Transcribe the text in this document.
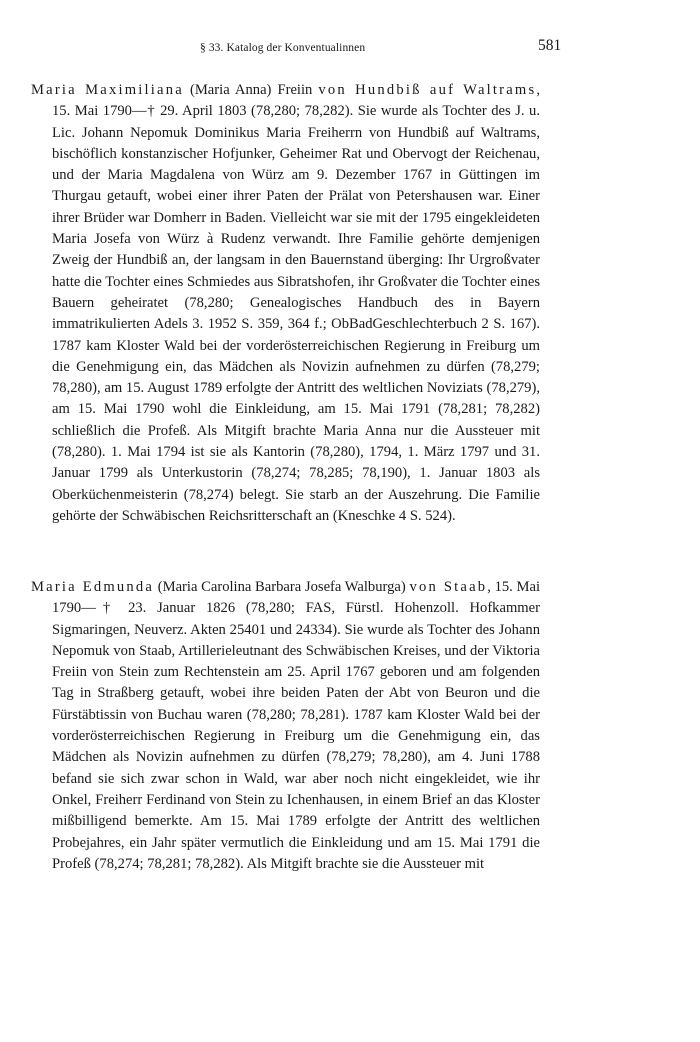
§ 33. Katalog der Konventualinnen	581

Maria Maximiliana (Maria Anna) Freiin von Hundbiß auf Waltrams, 15. Mai 1790—† 29. April 1803 (78,280; 78,282). Sie wurde als Tochter des J. u. Lic. Johann Nepomuk Dominikus Maria Freiherrn von Hundbiß auf Waltrams, bischöflich konstanzischer Hofjunker, Geheimer Rat und Obervogt der Reichenau, und der Maria Magdalena von Würz am 9. Dezember 1767 in Güttingen im Thurgau getauft, wobei einer ihrer Paten der Prälat von Petershausen war. Einer ihrer Brüder war Domherr in Baden. Vielleicht war sie mit der 1795 eingekleideten Maria Josefa von Würz à Rudenz verwandt. Ihre Familie gehörte demjenigen Zweig der Hundbiß an, der langsam in den Bauernstand überging: Ihr Urgroßvater hatte die Tochter eines Schmiedes aus Sibratshofen, ihr Großvater die Tochter eines Bauern geheiratet (78,280; Genealogisches Handbuch des in Bayern immatrikulierten Adels 3. 1952 S. 359, 364 f.; ObBadGeschlechterbuch 2 S. 167). 1787 kam Kloster Wald bei der vorderösterreichischen Regierung in Freiburg um die Genehmigung ein, das Mädchen als Novizin aufnehmen zu dürfen (78,279; 78,280), am 15. August 1789 erfolgte der Antritt des weltlichen Noviziats (78,279), am 15. Mai 1790 wohl die Einkleidung, am 15. Mai 1791 (78,281; 78,282) schließlich die Profeß. Als Mitgift brachte Maria Anna nur die Aussteuer mit (78,280). 1. Mai 1794 ist sie als Kantorin (78,280), 1794, 1. März 1797 und 31. Januar 1799 als Unterkustorin (78,274; 78,285; 78,190), 1. Januar 1803 als Oberküchenmeisterin (78,274) belegt. Sie starb an der Auszehrung. Die Familie gehörte der Schwäbischen Reichsritterschaft an (Kneschke 4 S. 524).

Maria Edmunda (Maria Carolina Barbara Josefa Walburga) von Staab, 15. Mai 1790—† 23. Januar 1826 (78,280; FAS, Fürstl. Hohenzoll. Hofkammer Sigmaringen, Neuverz. Akten 25401 und 24334). Sie wurde als Tochter des Johann Nepomuk von Staab, Artillerieleutnant des Schwäbischen Kreises, und der Viktoria Freiin von Stein zum Rechtenstein am 25. April 1767 geboren und am folgenden Tag in Straßberg getauft, wobei ihre beiden Paten der Abt von Beuron und die Fürstäbtissin von Buchau waren (78,280; 78,281). 1787 kam Kloster Wald bei der vorderösterreichischen Regierung in Freiburg um die Genehmigung ein, das Mädchen als Novizin aufnehmen zu dürfen (78,279; 78,280), am 4. Juni 1788 befand sie sich zwar schon in Wald, war aber noch nicht eingekleidet, wie ihr Onkel, Freiherr Ferdinand von Stein zu Ichenhausen, in einem Brief an das Kloster mißbilligend bemerkte. Am 15. Mai 1789 erfolgte der Antritt des weltlichen Probejahres, ein Jahr später vermutlich die Einkleidung und am 15. Mai 1791 die Profeß (78,274; 78,281; 78,282). Als Mitgift brachte sie die Aussteuer mit
